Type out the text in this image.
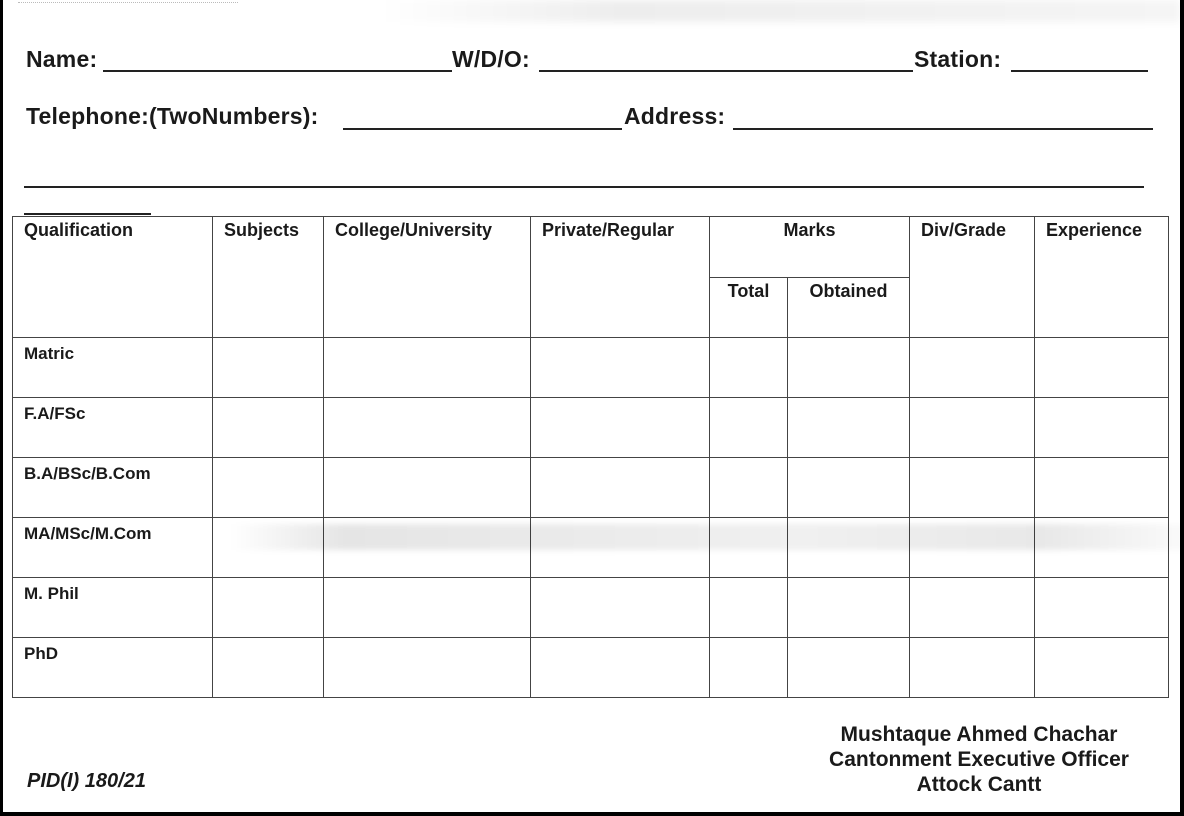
Name:	W/D/O:	Station:
Telephone:(TwoNumbers):	Address:
Qualification	Subjects	College/University	Private/Regular	Marks		Div/Grade	Experience
				Total	Obtained		
Matric							
F.A/FSc							
B.A/BSc/B.Com							
MA/MSc/M.Com							
M. Phil							
PhD							
Mushtaque Ahmed Chachar
Cantonment Executive Officer
Attock Cantt
PID(I) 180/21
